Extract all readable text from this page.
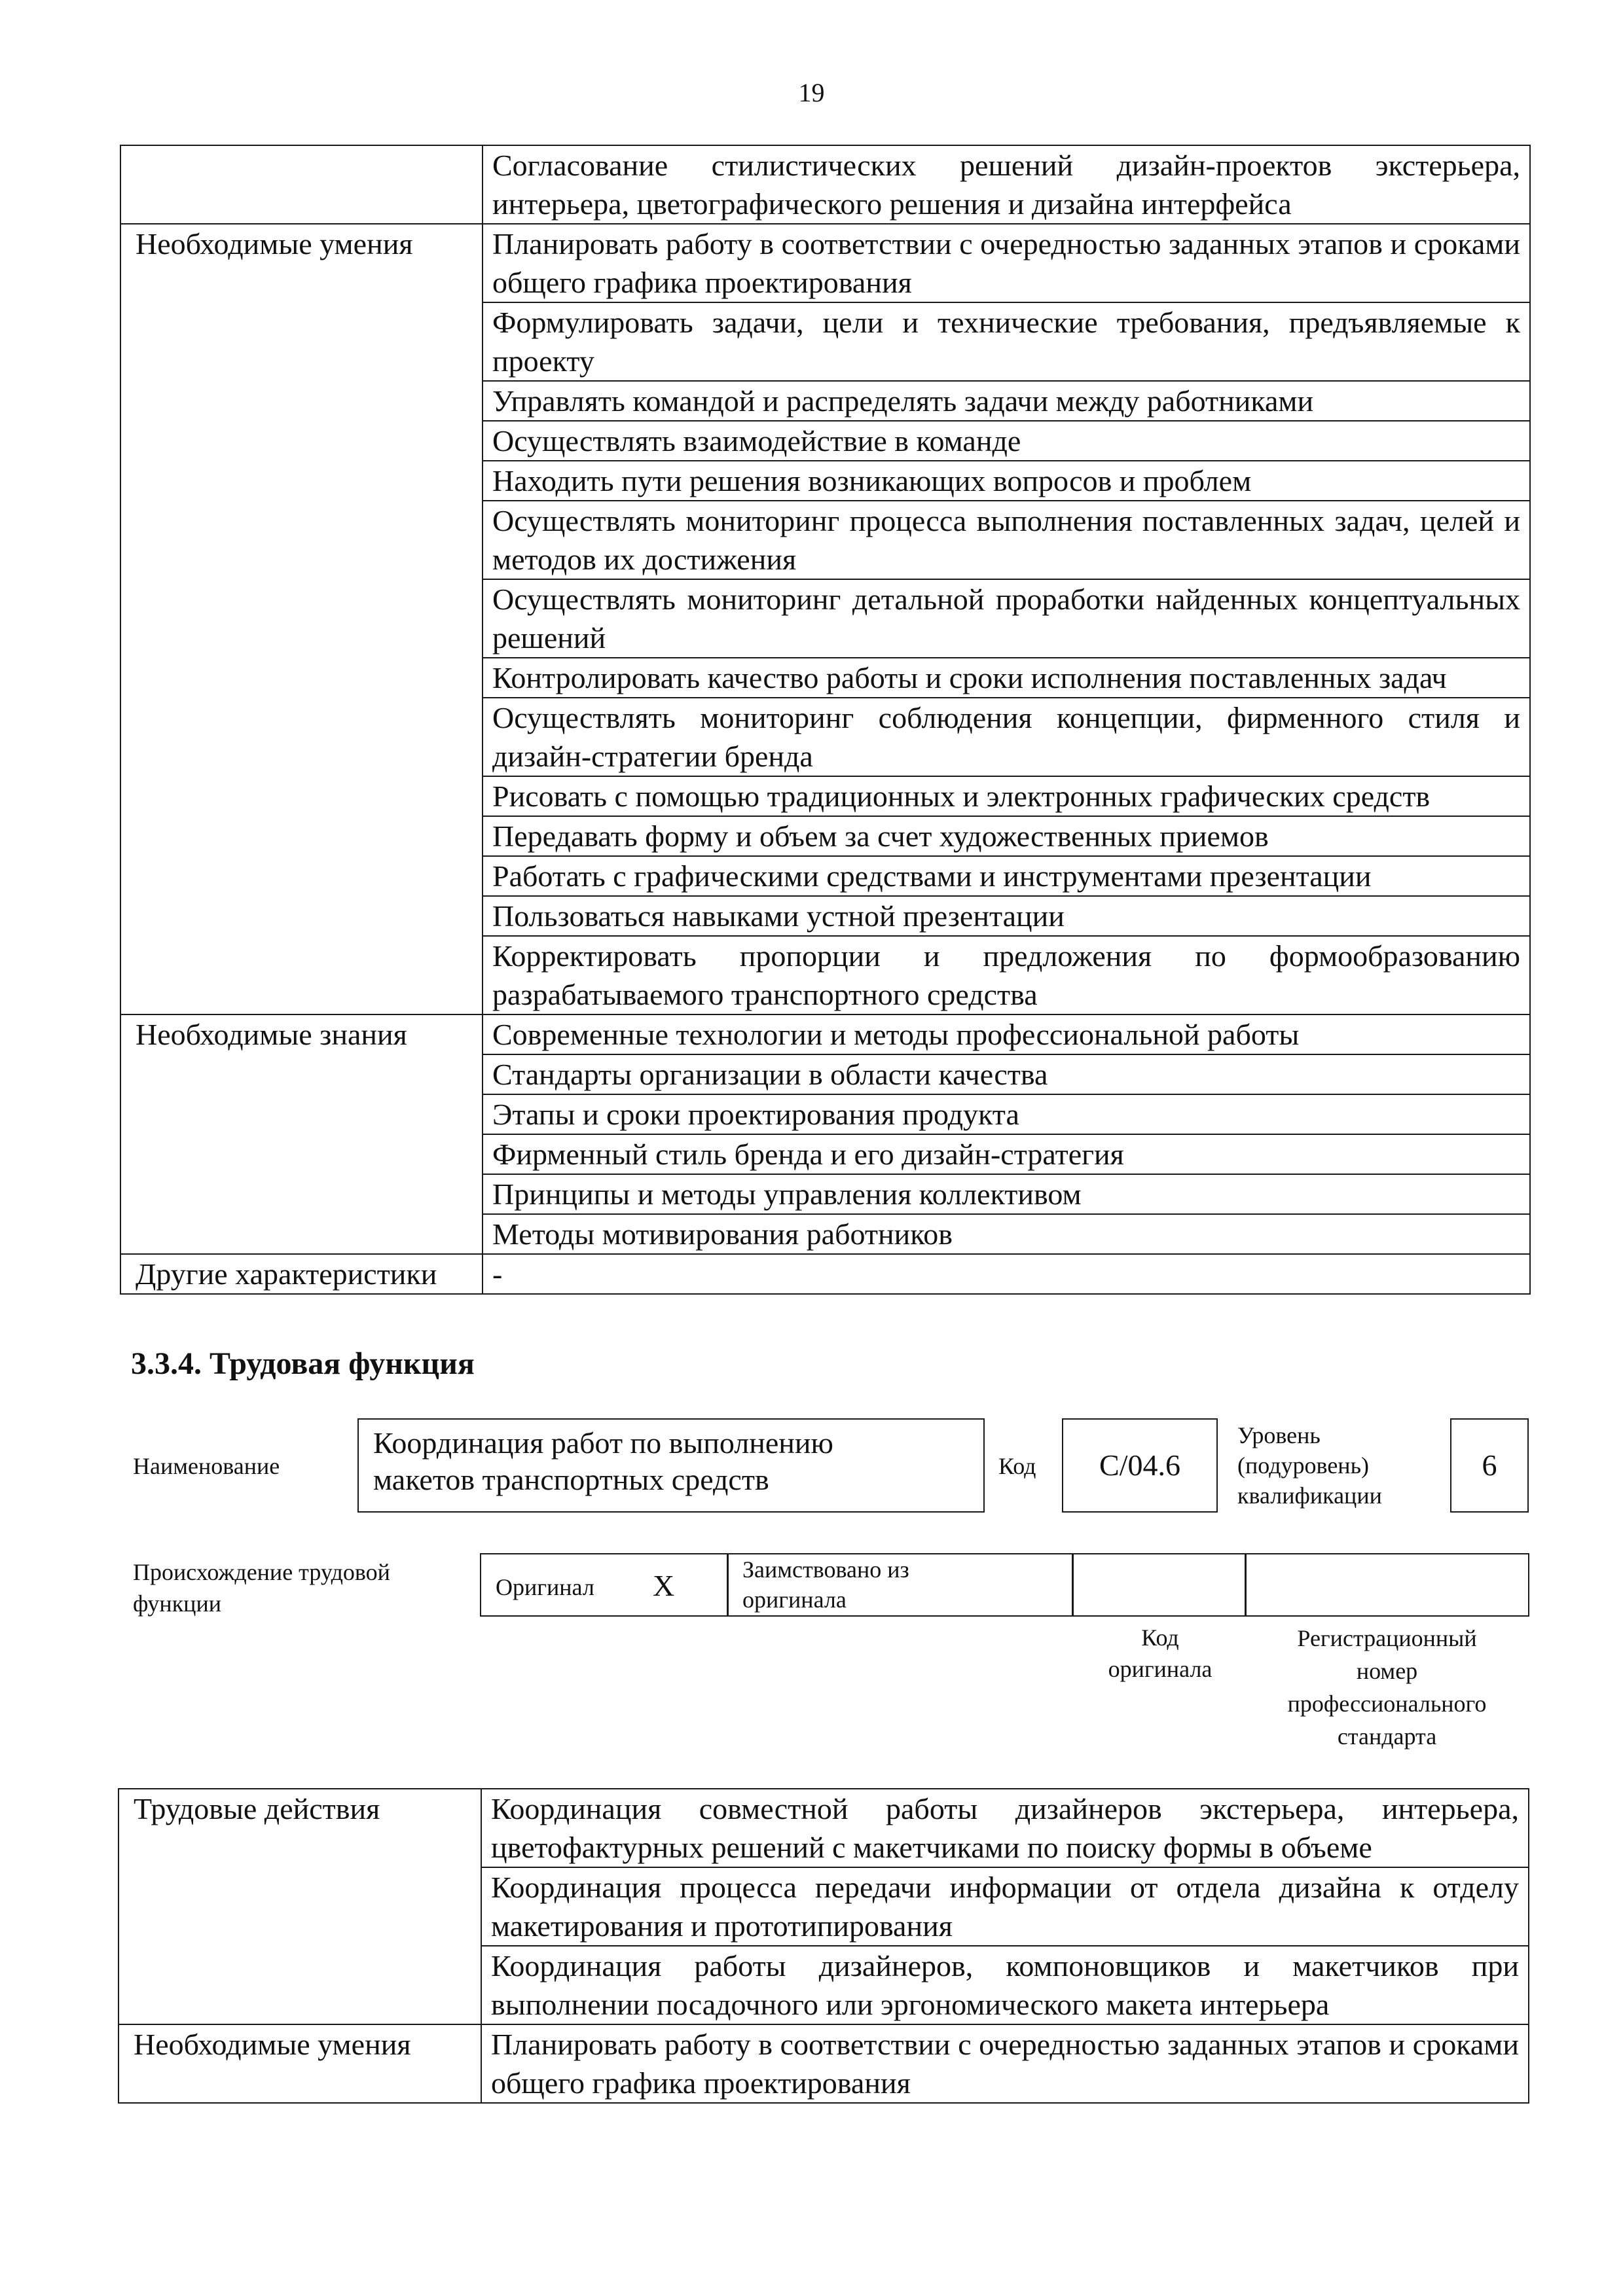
19
	Согласование стилистических решений дизайн-проектов экстерьера, интерьера, цветографического решения и дизайна интерфейса
Необходимые умения	Планировать работу в соответствии с очередностью заданных этапов и сроками общего графика проектирования
	Формулировать задачи, цели и технические требования, предъявляемые к проекту
	Управлять командой и распределять задачи между работниками
	Осуществлять взаимодействие в команде
	Находить пути решения возникающих вопросов и проблем
	Осуществлять мониторинг процесса выполнения поставленных задач, целей и методов их достижения
	Осуществлять мониторинг детальной проработки найденных концептуальных решений
	Контролировать качество работы и сроки исполнения поставленных задач
	Осуществлять мониторинг соблюдения концепции, фирменного стиля и дизайн-стратегии бренда
	Рисовать с помощью традиционных и электронных графических средств
	Передавать форму и объем за счет художественных приемов
	Работать с графическими средствами и инструментами презентации
	Пользоваться навыками устной презентации
	Корректировать пропорции и предложения по формообразованию разрабатываемого транспортного средства
Необходимые знания	Современные технологии и методы профессиональной работы
	Стандарты организации в области качества
	Этапы и сроки проектирования продукта
	Фирменный стиль бренда и его дизайн-стратегия
	Принципы и методы управления коллективом
	Методы мотивирования работников
Другие характеристики	-
3.3.4. Трудовая функция
Наименование
Координация работ по выполнению
макетов транспортных средств	Код	С/04.6
Уровень
(подуровень)
квалификации
6
Происхождение трудовой
функции
Оригинал X	Заимствовано из
оригинала
Код
оригинала
Регистрационный
номер
профессионального
стандарта
Трудовые действия	Координация совместной работы дизайнеров экстерьера, интерьера, цветофактурных решений с макетчиками по поиску формы в объеме
	Координация процесса передачи информации от отдела дизайна к отделу макетирования и прототипирования
	Координация работы дизайнеров, компоновщиков и макетчиков при выполнении посадочного или эргономического макета интерьера
Необходимые умения	Планировать работу в соответствии с очередностью заданных этапов и сроками общего графика проектирования
